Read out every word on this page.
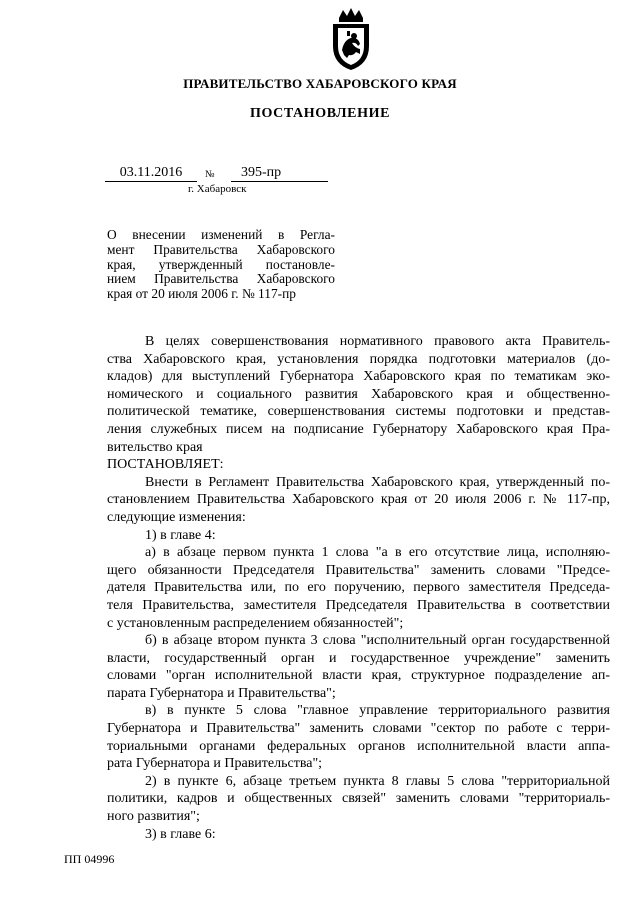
ПРАВИТЕЛЬСТВО ХАБАРОВСКОГО КРАЯ
ПОСТАНОВЛЕНИЕ
03.11.2016	№	395-пр
г. Хабаровск
О внесении изменений в Регла-
мент Правительства Хабаровского
края, утвержденный постановле-
нием Правительства Хабаровского
края от 20 июля 2006 г. № 117-пр
В целях совершенствования нормативного правового акта Правитель-
ства Хабаровского края, установления порядка подготовки материалов (до-
кладов) для выступлений Губернатора Хабаровского края по тематикам эко-
номического и социального развития Хабаровского края и общественно-
политической тематике, совершенствования системы подготовки и представ-
ления служебных писем на подписание Губернатору Хабаровского края Пра-
вительство края
ПОСТАНОВЛЯЕТ:
Внести в Регламент Правительства Хабаровского края, утвержденный по-
становлением Правительства Хабаровского края от 20 июля 2006 г. № 117-пр,
следующие изменения:
1) в главе 4:
а) в абзаце первом пункта 1 слова "а в его отсутствие лица, исполняю-
щего обязанности Председателя Правительства" заменить словами "Предсе-
дателя Правительства или, по его поручению, первого заместителя Председа-
теля Правительства, заместителя Председателя Правительства в соответствии
с установленным распределением обязанностей";
б) в абзаце втором пункта 3 слова "исполнительный орган государственной
власти, государственный орган и государственное учреждение" заменить
словами "орган исполнительной власти края, структурное подразделение ап-
парата Губернатора и Правительства";
в) в пункте 5 слова "главное управление территориального развития
Губернатора и Правительства" заменить словами "сектор по работе с терри-
ториальными органами федеральных органов исполнительной власти аппа-
рата Губернатора и Правительства";
2) в пункте 6, абзаце третьем пункта 8 главы 5 слова "территориальной
политики, кадров и общественных связей" заменить словами "территориаль-
ного развития";
3) в главе 6:
ПП 04996
